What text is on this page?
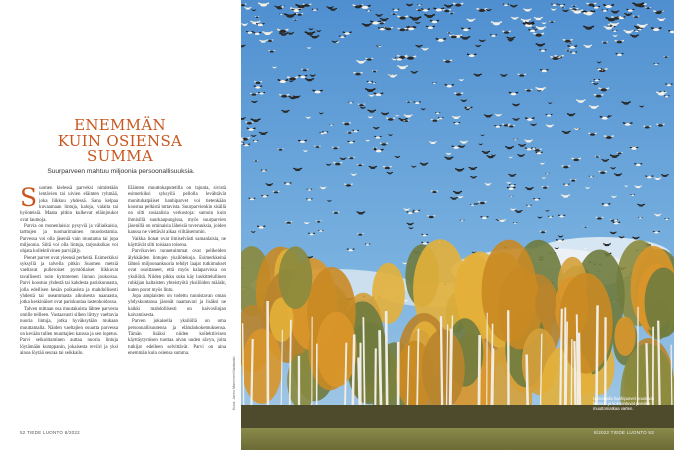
ENEMMÄN
KUIN OSIENSA
SUMMA
Suurparveen mahtuu miljoonia persoonallisuuksia.

Suomen kielessä parveksi nimitetään lentävien tai uivien eläinten ryhmää, joka liikkuu yhdessä. Sana kelpaa kuvaamaan lintuja, kaloja, valaita tai hyönteisiä. Maata pitkin kulkevat eläinjoukot ovat laumoja.

Parvia on monenlaisia: pysyviä ja väliaikaisia, tarttujen ja tuomarimainen muodostamia. Parvessa voi olla jäseniä vain muutama tai jopa miljoonia. Siitä voi olla lintuja, tarjouksikas voi ohjata kollektiivinen parvijäljy.

Pienet parvet ovat yleensä perheitä. Esimerkiksi syksyllä ja talvella pitkin Suomen metsiä vaeltavat pulleroiset pyrstötiaiset liikkuvat tavallisesti noin kymmenen linnun joukoissa. Parvi koostuu yhdestä tai kahdesta pariskunnasta, jolla edellisen kesän poikasista ja mahdollisesti yhdestä tai useammasta aikuisesta naaraasta, jotka keskinäiset ovat pariskuntaa lastenhoidossa.

Talven mittaan osa muutakoista lähtee parvesta omille teilleen. Vastaavasti siihen liittyy vaeltavia nuoria lintuja, jotka hyväksytään mukaan muuttamalla. Näiden vaeltajien osuutta parvessa on kevään tullen muuttajien kanssa ja sen lopetus. Parvi seikoittaminen auttaa nuoria lintuja löytämään kumppanin, jokaisesta reviiri ja yksi ainoa löytää seuraa tai seikkailu.

Eläinten muuttokaputetilla on tajunta, sivistä esimerkiksi syksyllä pellolla levähtävät monituhatpäiset hanhiparvet voi tietenkään koostua pelkistä tuttavista. Suurparvienkin sisällä on silti sosiaalisia verkostoja: samoin kuin ihmisillä suurkaupungissa, myös suurparvien jäsenillä on ominaisia läheisiä toveruuksia, joiden kanssa ne viettävät aikaa viiltäisemmin.

Vaikka lionat ovat ilmiselvästi samanlaisia, ne käyttävät silti toisiaan toisena.

Parvikuvien tunnetuimmat ovat pelikeiden älykkäiden lintujen yksilötekoja. Esimerkkeinä lähteä miljoonankuoria tehdyt laajat tutkimukset ovat osoittaneet, että myös kalaparvissa on yksilöitä. Niiden pikku suku käy luokittelullinen ruhkijan kaltaisten yhteistyötä yksilöiden määrät, kuten porot myös lintu.

Jopa ampiaisten on todettu tunnistavan oman yhdyskuntansa jäsenät naamavari ja lisäksi ne kaikki mahdollisesti on kaivoslinjan kaivamisesta.

Parven jokaisella yksilöllä on oma persoonallisuutensa ja elämänkokemuksensa. Tämän lisäksi niiden kollektiivisen käyttäytymisen tuottaa aivan uuden sävyn, joita tutkijat edelleen selvittävät. Parvi on aina enemmän kuin osiensa summa.

52 TIEDE LUONTO 8/2022
Kuva: Jarmo Manninen/Vastavalo	Uusmaalla hanhiparvet nousevat lentoon ja kokoontuvat parviksi muuttomatkaa varten.
8/2022 TIEDE LUONTO 53
